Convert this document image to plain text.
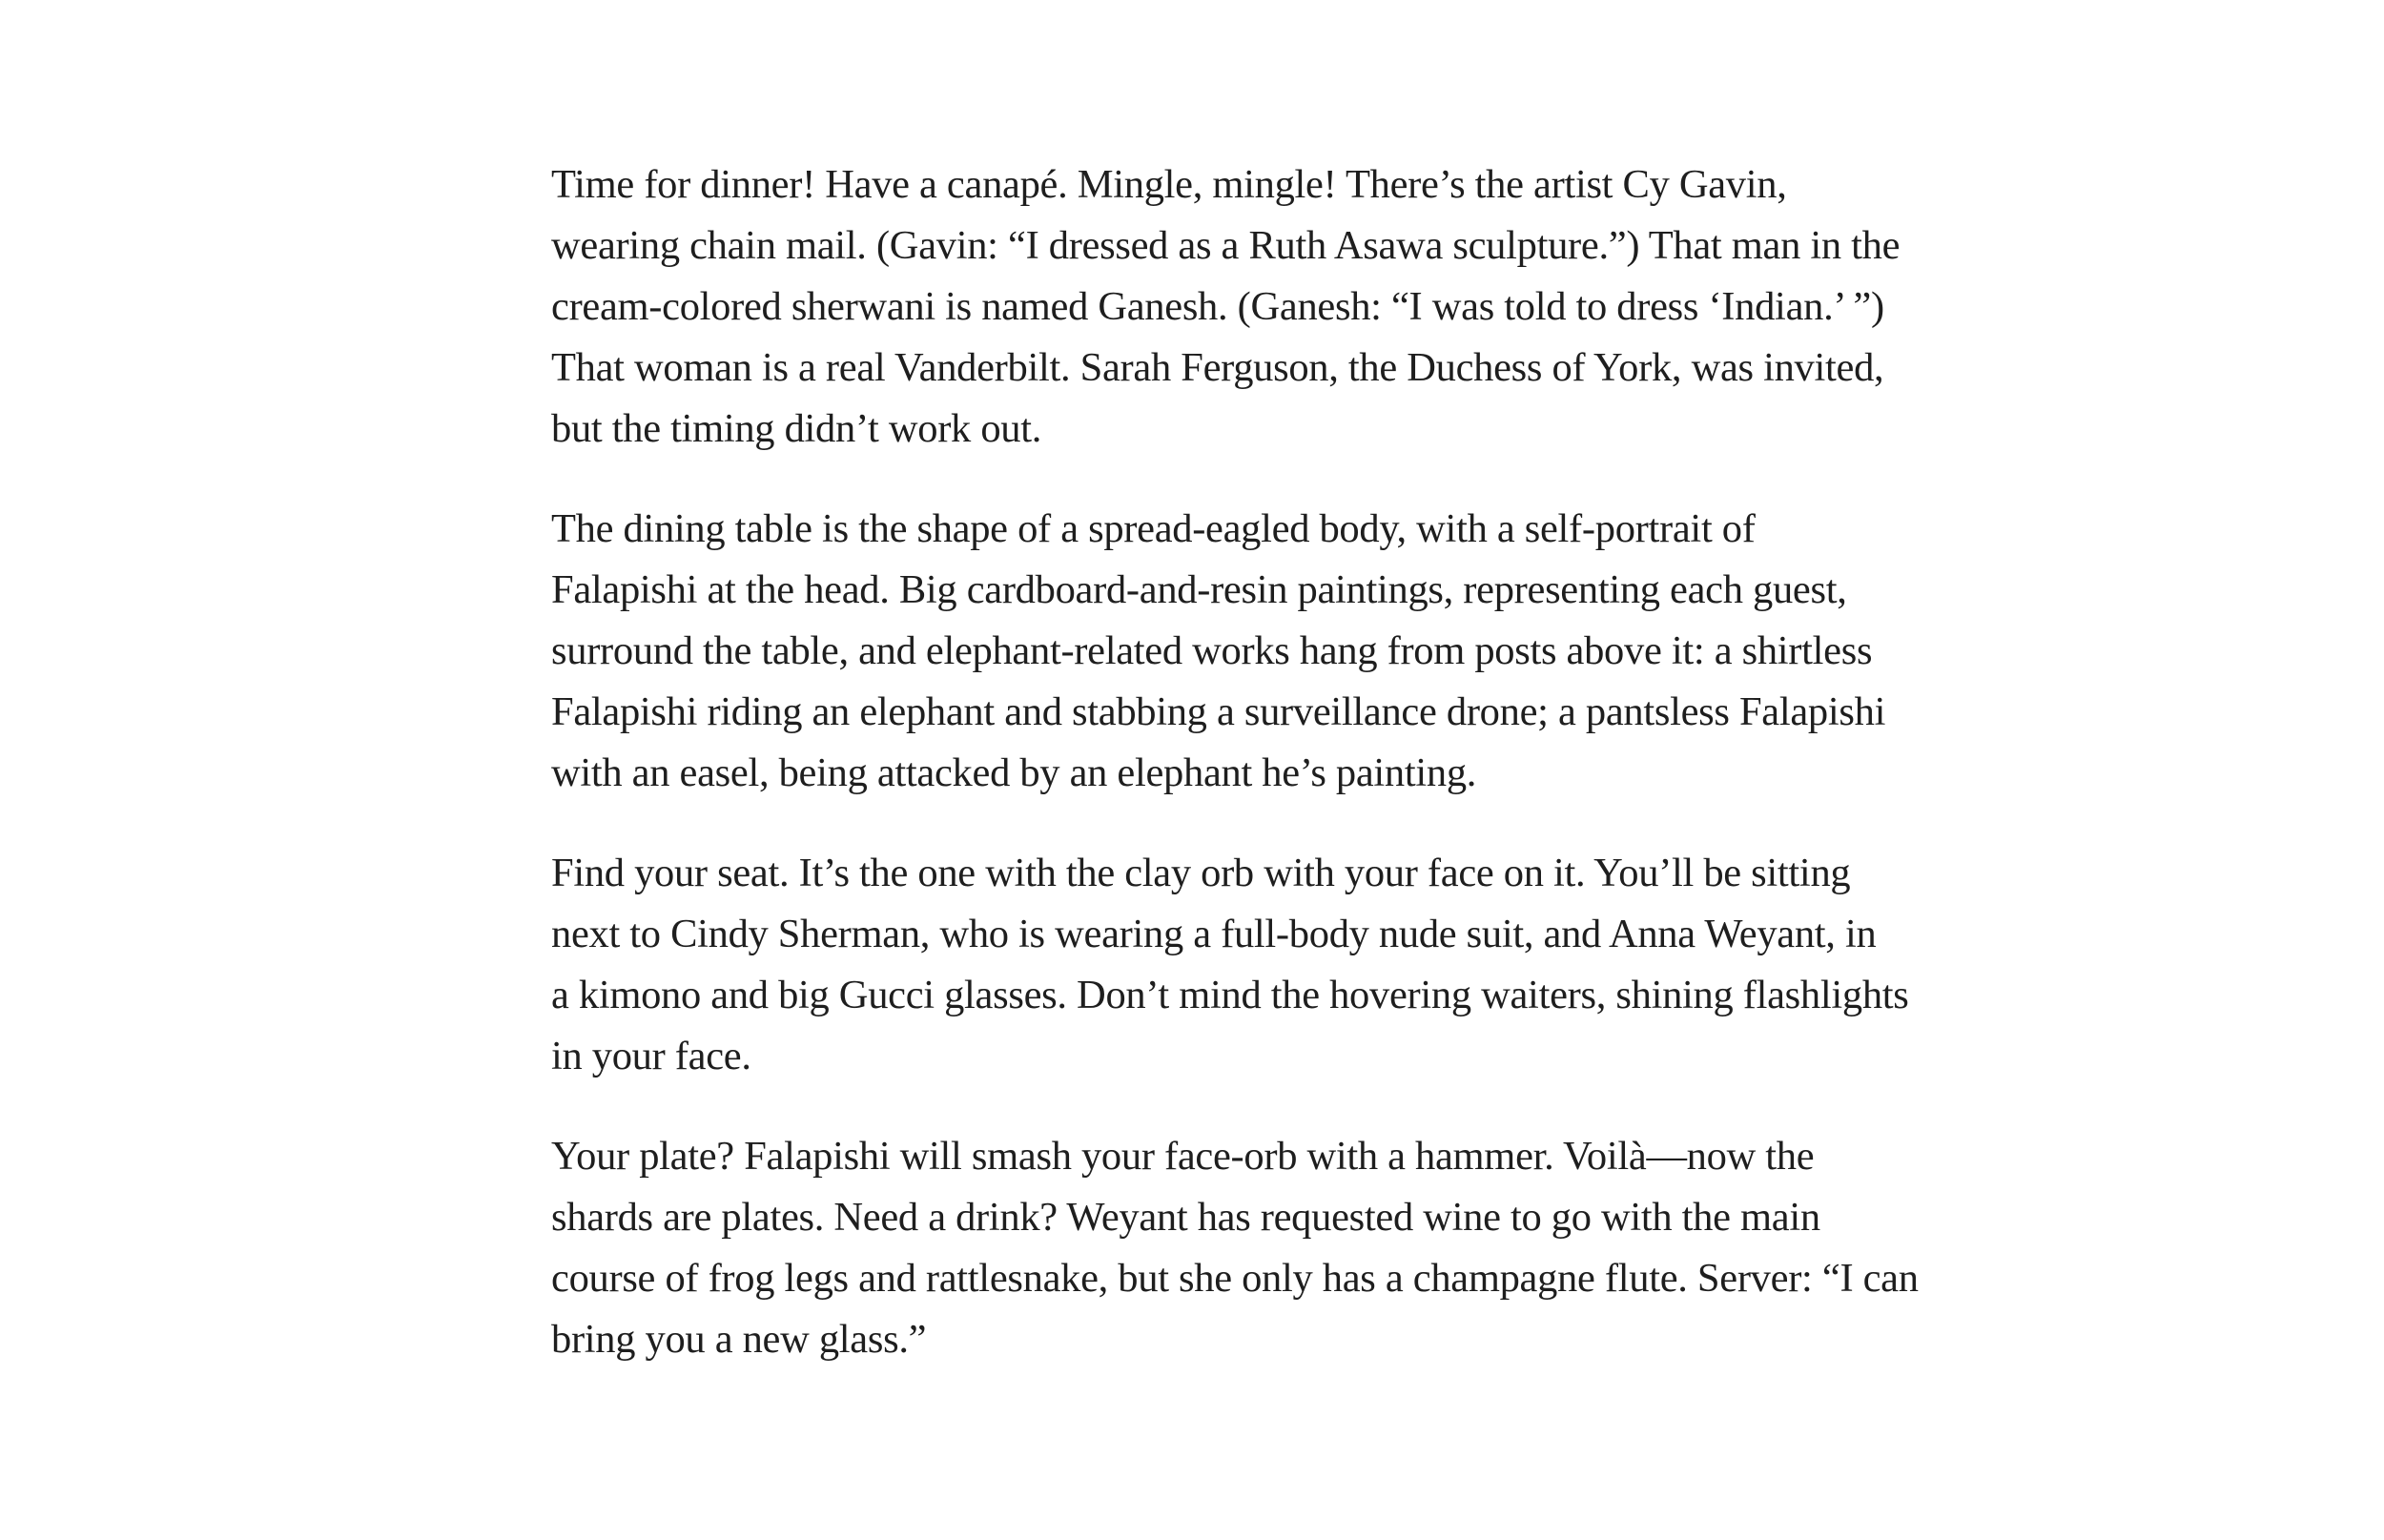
Time for dinner! Have a canapé. Mingle, mingle! There’s the artist Cy Gavin,
wearing chain mail. (Gavin: “I dressed as a Ruth Asawa sculpture.”) That man in the
cream-colored sherwani is named Ganesh. (Ganesh: “I was told to dress ‘Indian.’ ”)
That woman is a real Vanderbilt. Sarah Ferguson, the Duchess of York, was invited,
but the timing didn’t work out.

The dining table is the shape of a spread-eagled body, with a self-portrait of
Falapishi at the head. Big cardboard-and-resin paintings, representing each guest,
surround the table, and elephant-related works hang from posts above it: a shirtless
Falapishi riding an elephant and stabbing a surveillance drone; a pantsless Falapishi
with an easel, being attacked by an elephant he’s painting.

Find your seat. It’s the one with the clay orb with your face on it. You’ll be sitting
next to Cindy Sherman, who is wearing a full-body nude suit, and Anna Weyant, in
a kimono and big Gucci glasses. Don’t mind the hovering waiters, shining flashlights
in your face.

Your plate? Falapishi will smash your face-orb with a hammer. Voilà—now the
shards are plates. Need a drink? Weyant has requested wine to go with the main
course of frog legs and rattlesnake, but she only has a champagne flute. Server: “I can
bring you a new glass.”
